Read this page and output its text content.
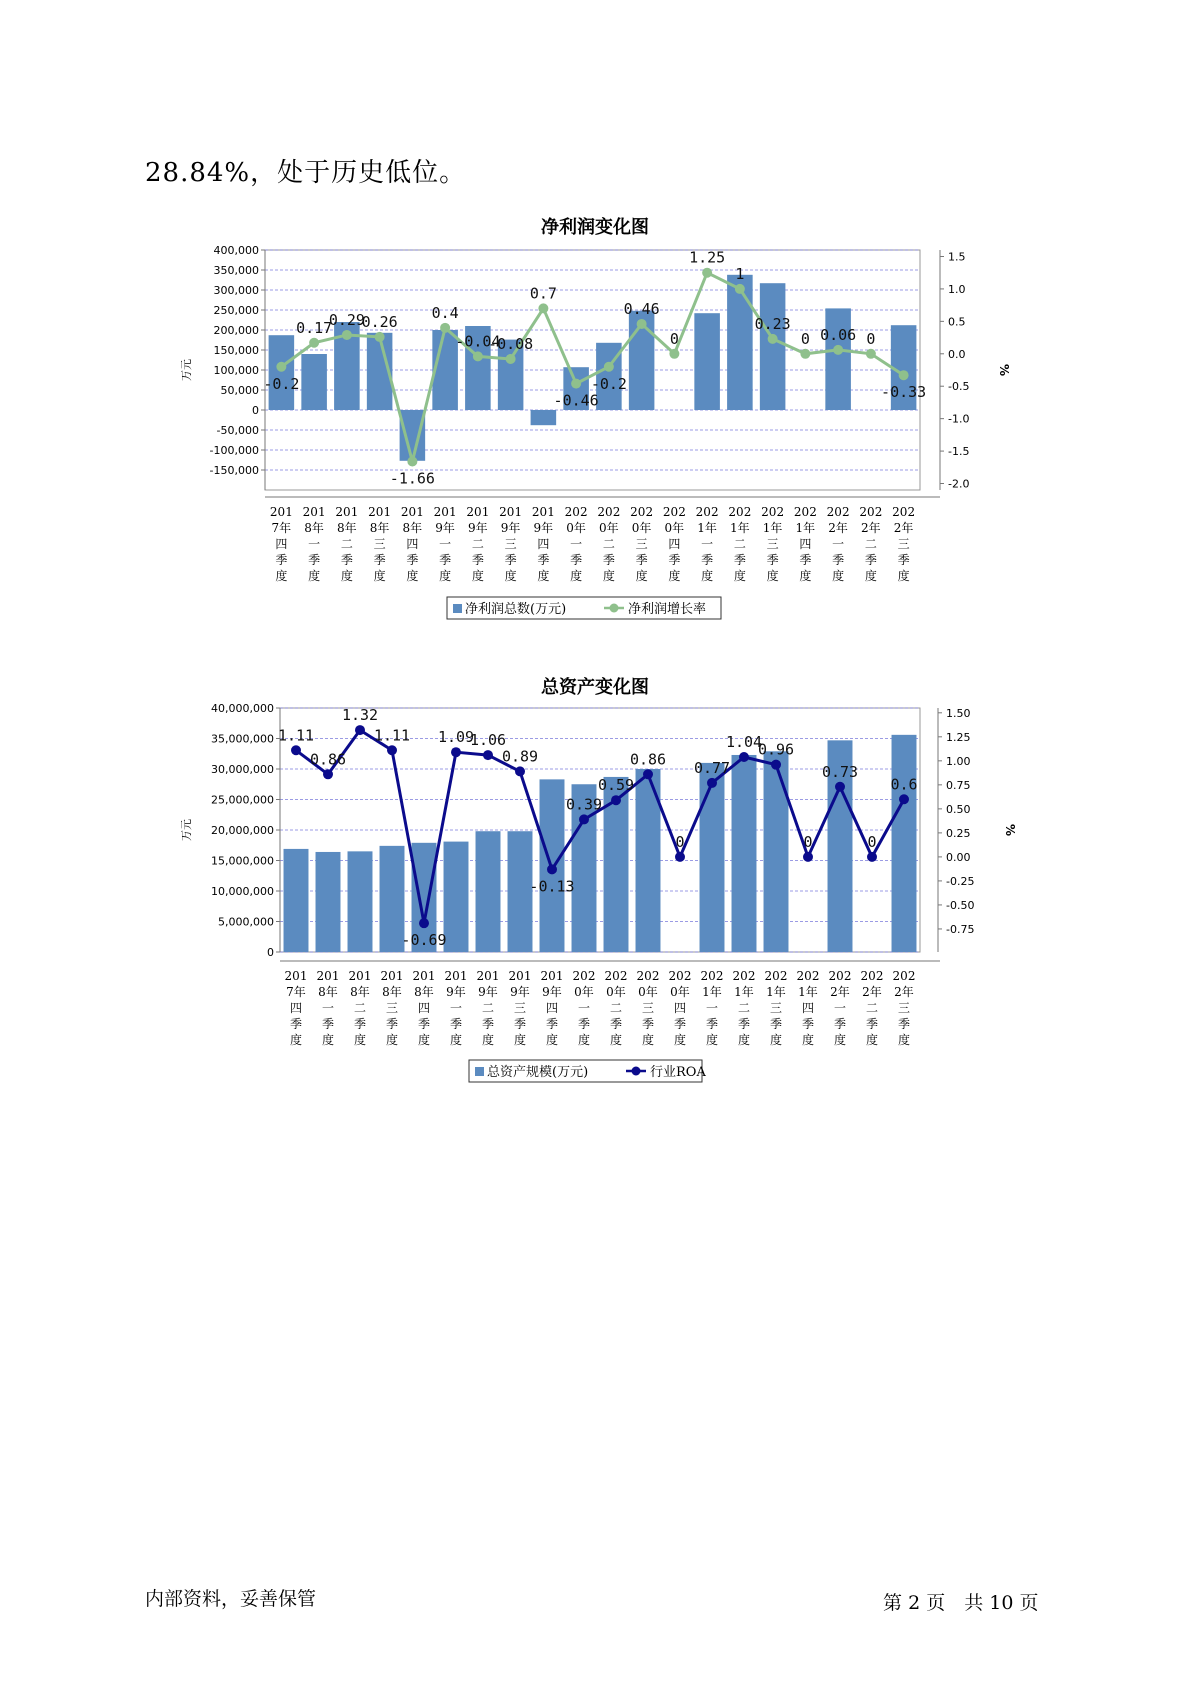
28.84%，处于历史低位。
净利润变化图
400,000
350,000
300,000
250,000
200,000
150,000
100,000
50,000
0
-50,000
-100,000
-150,000
万元
1.5
1.0
0.5
0.0
-0.5
-1.0
-1.5
-2.0
%
-0.2
0.17
0.29
0.26
-1.66
0.4
-0.04
-0.08
0.7
-0.46
-0.2
0.46
0
1.25
1
0.23
0 0.06 0
-0.33
201
7年
四
季
度
201
8年
一
季
度
201
8年
二
季
度
201
8年
三
季
度
201
8年
四
季
度
201
9年
一
季
度
201
9年
二
季
度
201
9年
三
季
度
201
9年
四
季
度
202
0年
一
季
度
202
0年
二
季
度
202
0年
三
季
度
202
0年
四
季
度
202
1年
一
季
度
202
1年
二
季
度
202
1年
三
季
度
202
1年
四
季
度
202
2年
一
季
度
202
2年
二
季
度
202
2年
三
季
度
净利润总数(万元)	净利润增长率
总资产变化图
40,000,000
35,000,000
30,000,000
25,000,000
20,000,000
15,000,000
10,000,000
5,000,000
0
万元
1.50
1.25
1.00
0.75
0.50
0.25
0.00
-0.25
-0.50
-0.75
%
1.11
0.86
1.32
1.11
-0.69
1.09
1.06
0.89
-0.13
0.39
0.59
0.86
0
0.77
1.04
0.96
0
0.73
0
0.6
201
7年
四
季
度
201
8年
一
季
度
201
8年
二
季
度
201
8年
三
季
度
201
8年
四
季
度
201
9年
一
季
度
201
9年
二
季
度
201
9年
三
季
度
201
9年
四
季
度
202
0年
一
季
度
202
0年
二
季
度
202
0年
三
季
度
202
0年
四
季
度
202
1年
一
季
度
202
1年
二
季
度
202
1年
三
季
度
202
1年
四
季
度
202
2年
一
季
度
202
2年
二
季
度
202
2年
三
季
度
总资产规模(万元)	行业ROA
内部资料，妥善保管	第 2 页　共 10 页
